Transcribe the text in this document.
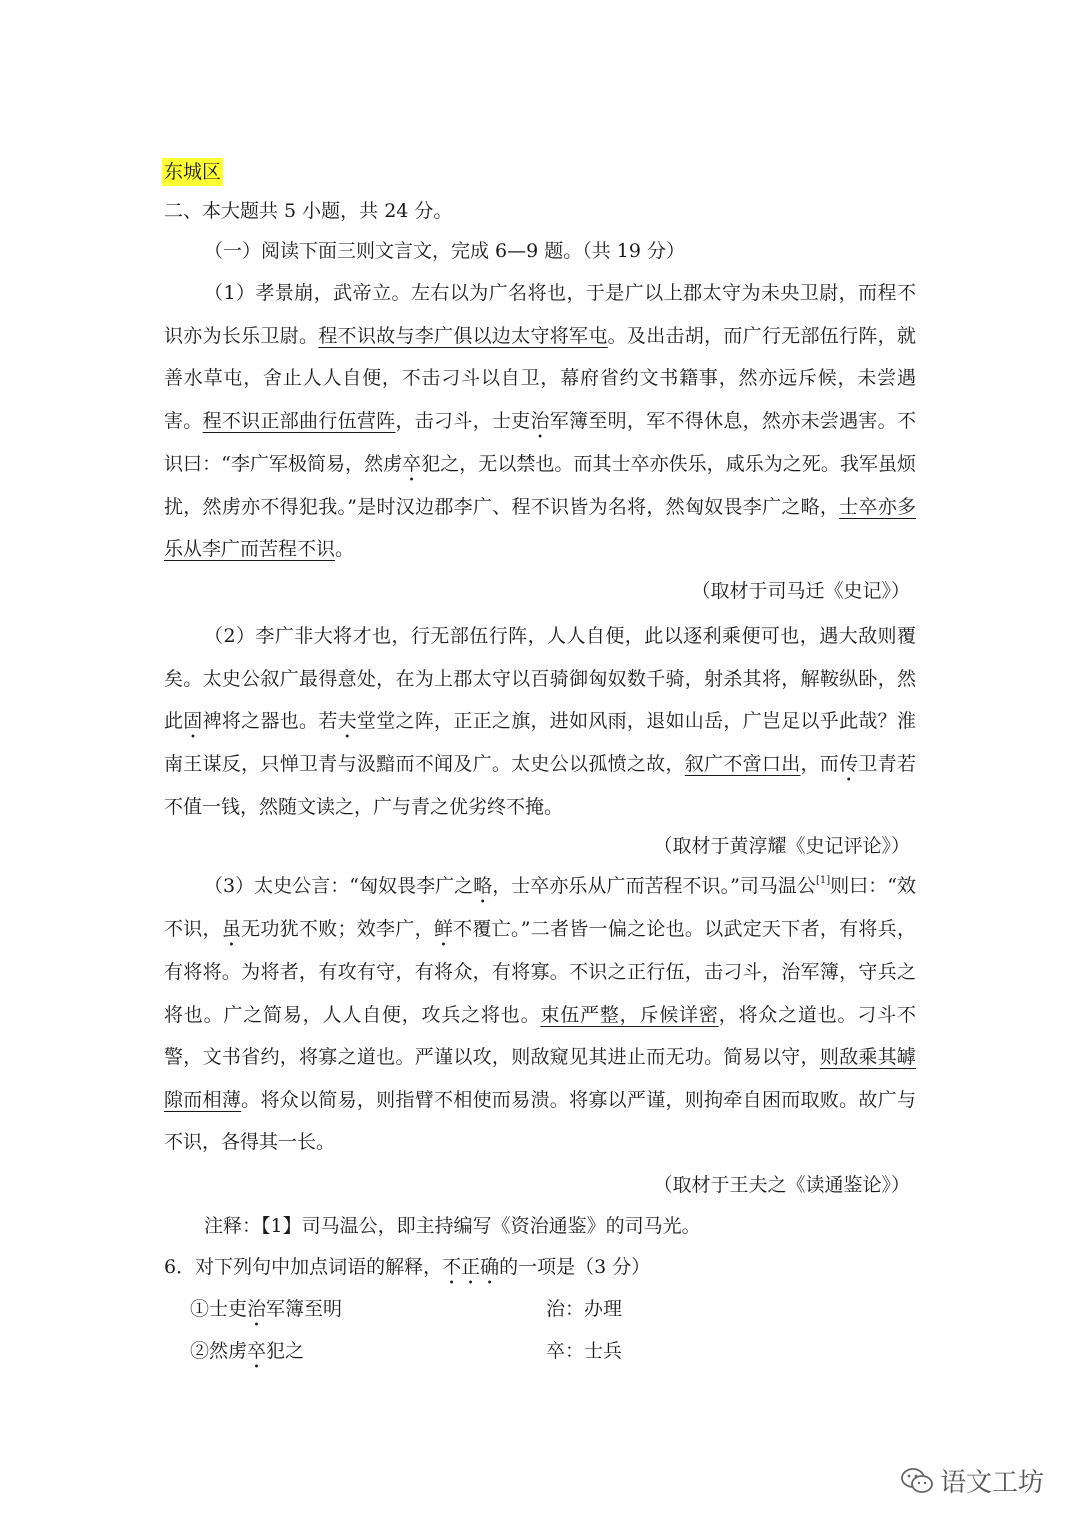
东城区
二、本大题共 5 小题，共 24 分。
（一）阅读下面三则文言文，完成 6—9 题。（共 19 分）
（1）孝景崩，武帝立。左右以为广名将也，于是广以上郡太守为未央卫尉，而程不识亦为长乐卫尉。程不识故与李广俱以边太守将军屯。及出击胡，而广行无部伍行阵，就善水草屯，舍止人人自便，不击刁斗以自卫，幕府省约文书籍事，然亦远斥候，未尝遇害。程不识正部曲行伍营阵，击刁斗，士吏治军簿至明，军不得休息，然亦未尝遇害。不识曰：“李广军极简易，然虏卒犯之，无以禁也。而其士卒亦佚乐，咸乐为之死。我军虽烦扰，然虏亦不得犯我。”是时汉边郡李广、程不识皆为名将，然匈奴畏李广之略，士卒亦多乐从李广而苦程不识。
（取材于司马迁《史记》）
（2）李广非大将才也，行无部伍行阵，人人自便，此以逐利乘便可也，遇大敌则覆矣。太史公叙广最得意处，在为上郡太守以百骑御匈奴数千骑，射杀其将，解鞍纵卧，然此固裨将之器也。若夫堂堂之阵，正正之旗，进如风雨，退如山岳，广岂足以乎此哉？淮南王谋反，只惮卫青与汲黯而不闻及广。太史公以孤愤之故，叙广不啻口出，而传卫青若不值一钱，然随文读之，广与青之优劣终不掩。
（取材于黄淳耀《史记评论》）
（3）太史公言：“匈奴畏李广之略，士卒亦乐从广而苦程不识。”司马温公[1]则曰：“效不识，虽无功犹不败；效李广，鲜不覆亡。”二者皆一偏之论也。以武定天下者，有将兵，有将将。为将者，有攻有守，有将众，有将寡。不识之正行伍，击刁斗，治军簿，守兵之将也。广之简易，人人自便，攻兵之将也。束伍严整，斥候详密，将众之道也。刁斗不警，文书省约，将寡之道也。严谨以攻，则敌窥见其进止而无功。简易以守，则敌乘其罅隙而相薄。将众以简易，则指臂不相使而易溃。将寡以严谨，则拘牵自困而取败。故广与不识，各得其一长。
（取材于王夫之《读通鉴论》）
注释：【1】司马温公，即主持编写《资治通鉴》的司马光。
6．对下列句中加点词语的解释，不正确的一项是（3 分）
①士吏治军簿至明	治：办理
②然虏卒犯之	卒：士兵
语文工坊
